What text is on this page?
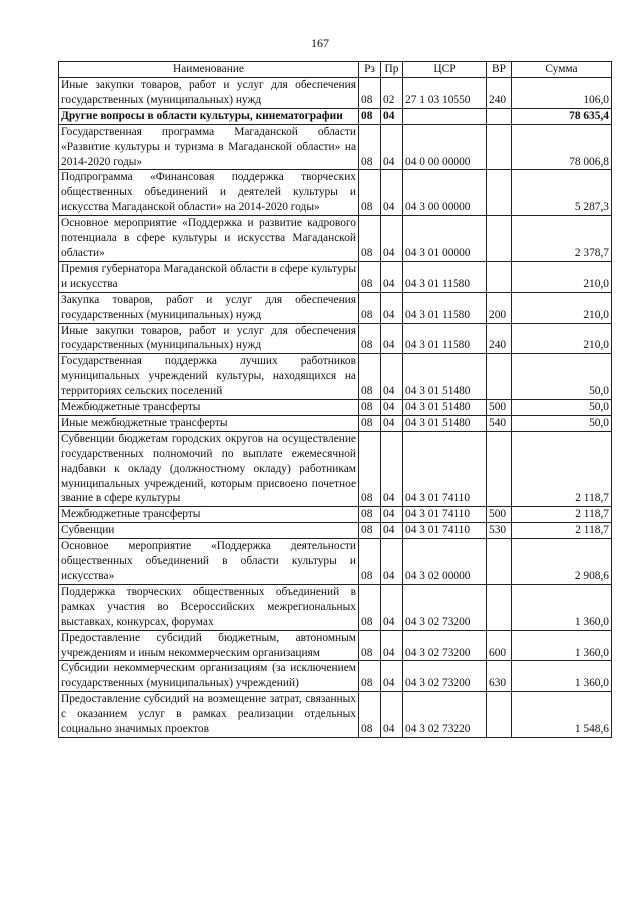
167
Наименование	Рз	Пр	ЦСР	ВР	Сумма
Иные закупки товаров, работ и услуг для обеспечения государственных (муниципальных) нужд	08	02	27 1 03 10550	240	106,0
Другие вопросы в области культуры, кинематографии	08	04			78 635,4
Государственная программа Магаданской области «Развитие культуры и туризма в Магаданской области» на 2014-2020 годы»	08	04	04 0 00 00000		78 006,8
Подпрограмма «Финансовая поддержка творческих общественных объединений и деятелей культуры и искусства Магаданской области» на 2014-2020 годы»	08	04	04 3 00 00000		5 287,3
Основное мероприятие «Поддержка и развитие кадрового потенциала в сфере культуры и искусства Магаданской области»	08	04	04 3 01 00000		2 378,7
Премия губернатора Магаданской области в сфере культуры и искусства	08	04	04 3 01 11580		210,0
Закупка товаров, работ и услуг для обеспечения государственных (муниципальных) нужд	08	04	04 3 01 11580	200	210,0
Иные закупки товаров, работ и услуг для обеспечения государственных (муниципальных) нужд	08	04	04 3 01 11580	240	210,0
Государственная поддержка лучших работников муниципальных учреждений культуры, находящихся на территориях сельских поселений	08	04	04 3 01 51480		50,0
Межбюджетные трансферты	08	04	04 3 01 51480	500	50,0
Иные межбюджетные трансферты	08	04	04 3 01 51480	540	50,0
Субвенции бюджетам городских округов на осуществление государственных полномочий по выплате ежемесячной надбавки к окладу (должностному окладу) работникам муниципальных учреждений, которым присвоено почетное звание в сфере культуры	08	04	04 3 01 74110		2 118,7
Межбюджетные трансферты	08	04	04 3 01 74110	500	2 118,7
Субвенции	08	04	04 3 01 74110	530	2 118,7
Основное мероприятие «Поддержка деятельности общественных объединений в области культуры и искусства»	08	04	04 3 02 00000		2 908,6
Поддержка творческих общественных объединений в рамках участия во Всероссийских межрегиональных выставках, конкурсах, форумах	08	04	04 3 02 73200		1 360,0
Предоставление субсидий бюджетным, автономным учреждениям и иным некоммерческим организациям	08	04	04 3 02 73200	600	1 360,0
Субсидии некоммерческим организациям (за исключением государственных (муниципальных) учреждений)	08	04	04 3 02 73200	630	1 360,0
Предоставление субсидий на возмещение затрат, связанных с оказанием услуг в рамках реализации отдельных социально значимых проектов	08	04	04 3 02 73220		1 548,6
